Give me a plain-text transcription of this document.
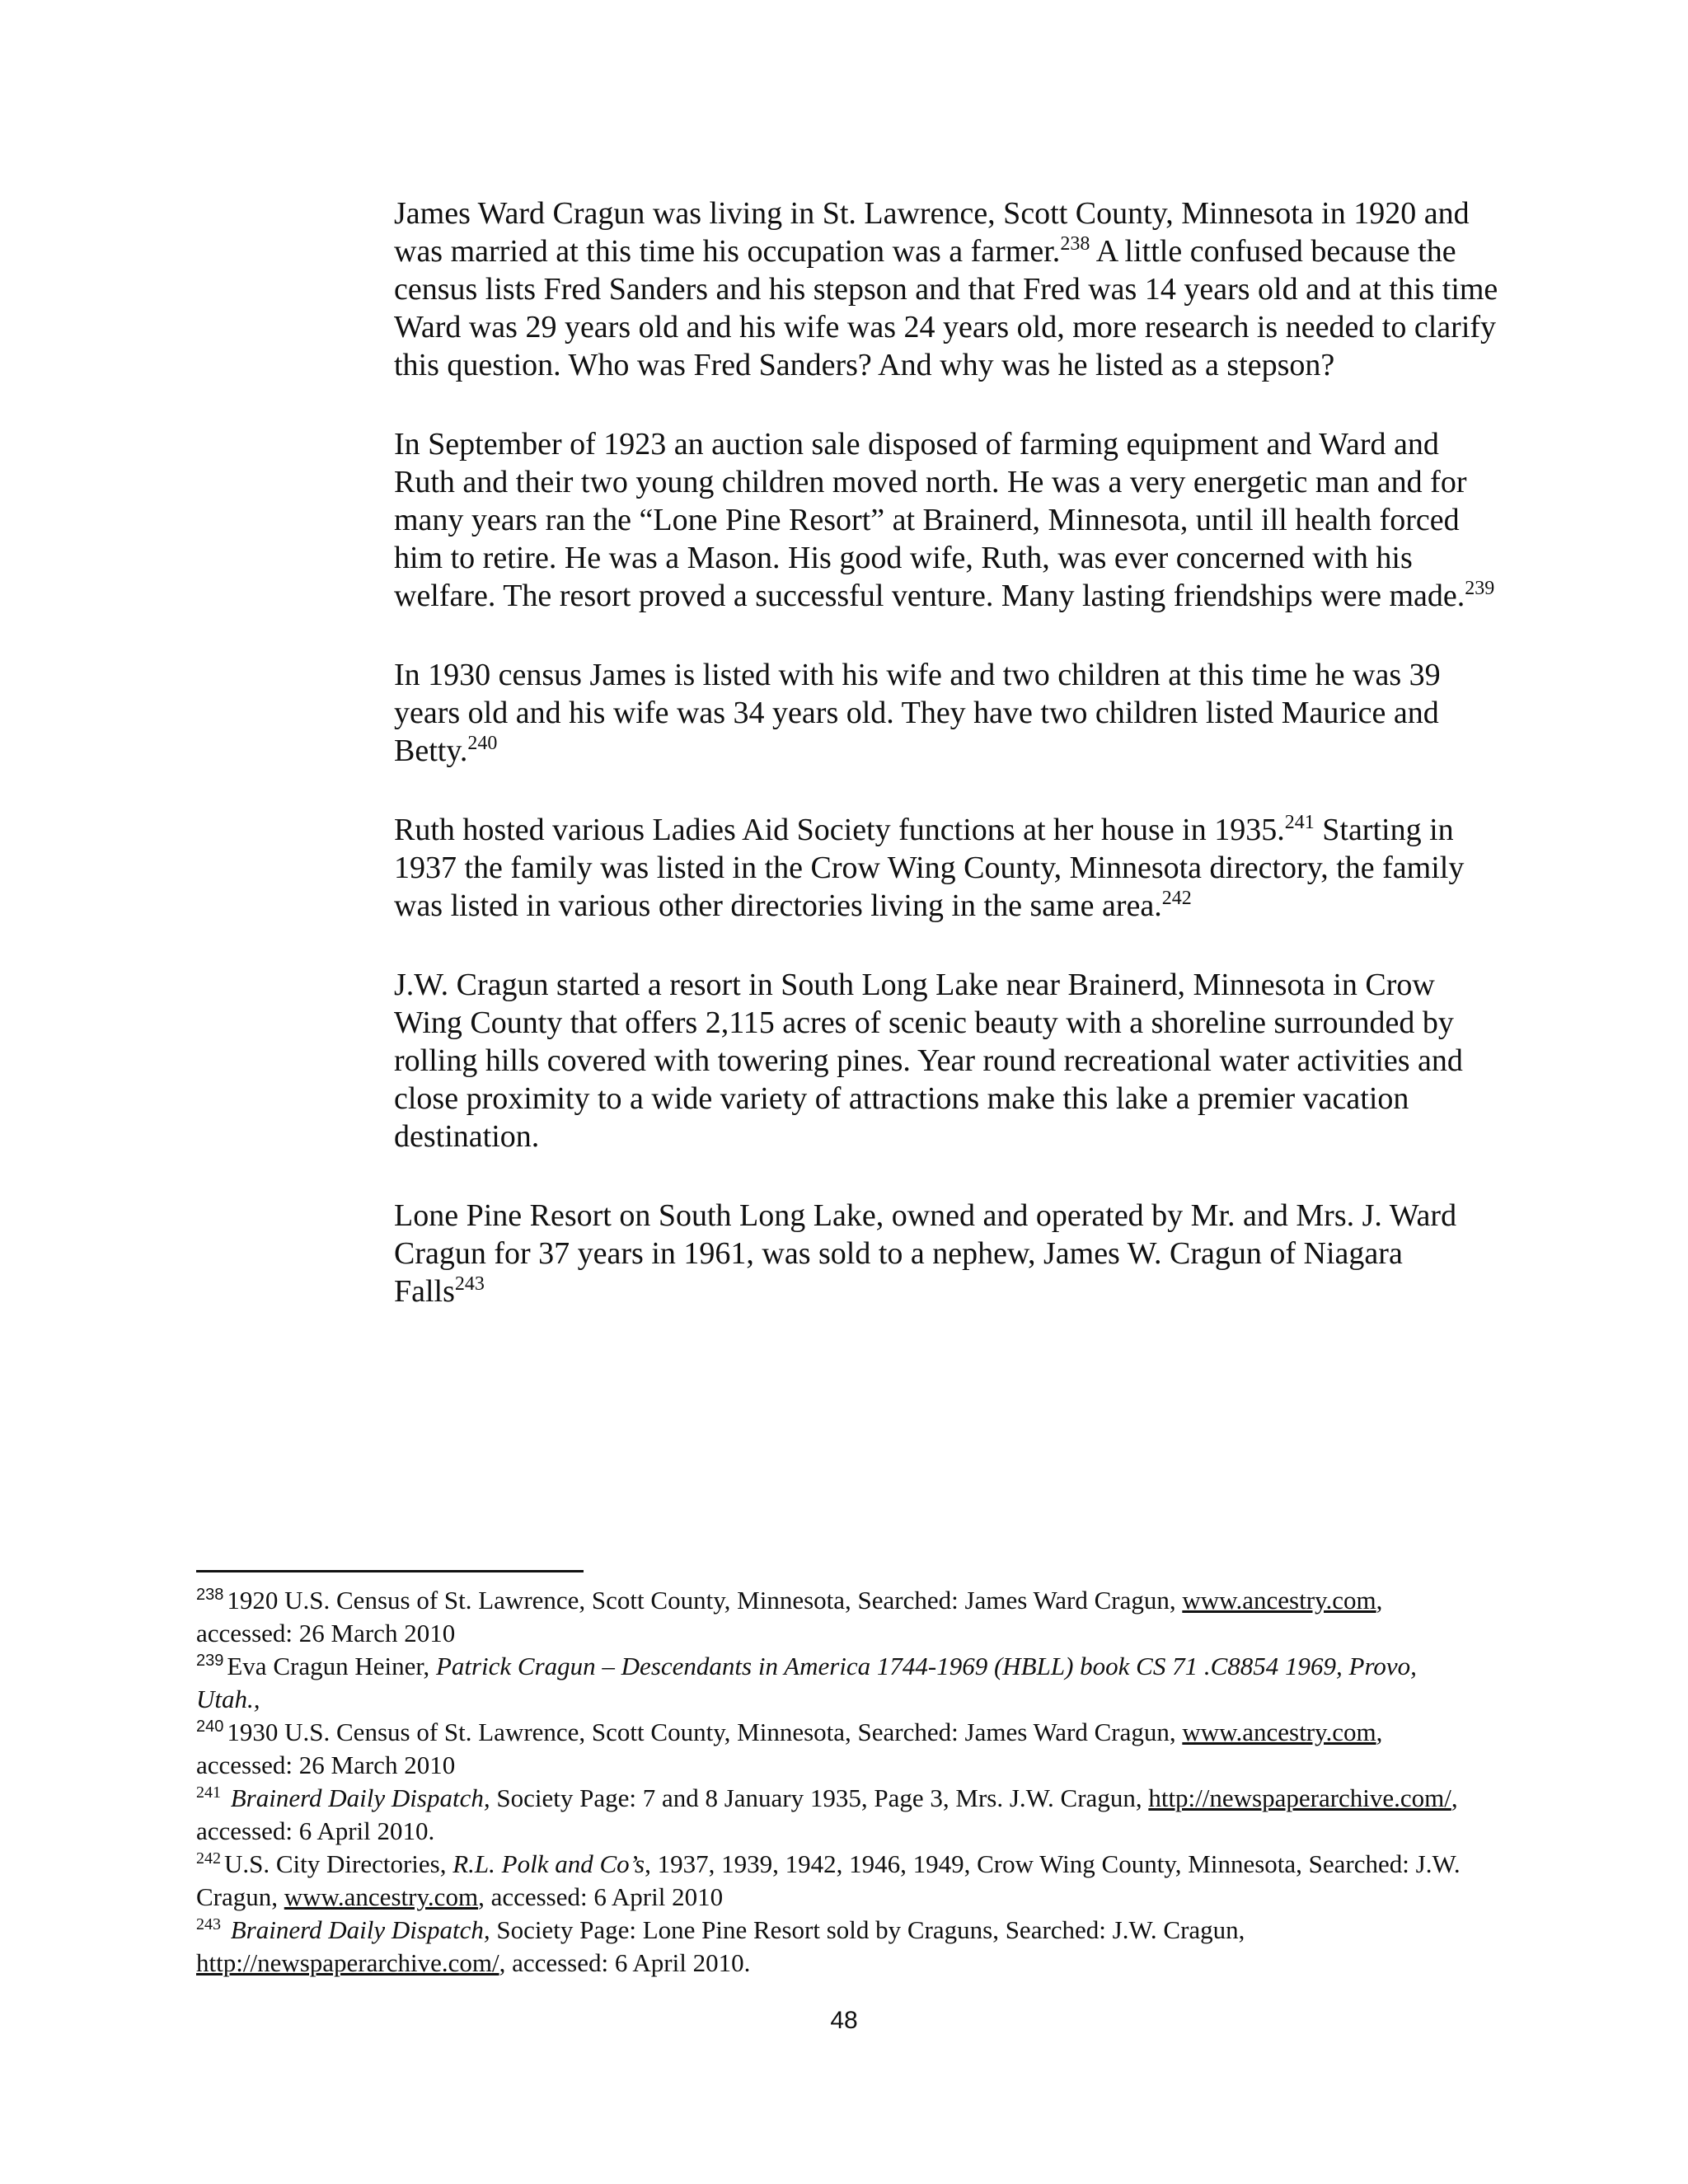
James Ward Cragun was living in St. Lawrence, Scott County, Minnesota in 1920 and was married at this time his occupation was a farmer.$^{238}$ A little confused because the census lists Fred Sanders and his stepson and that Fred was 14 years old and at this time Ward was 29 years old and his wife was 24 years old, more research is needed to clarify this question. Who was Fred Sanders? And why was he listed as a stepson?

In September of 1923 an auction sale disposed of farming equipment and Ward and Ruth and their two young children moved north. He was a very energetic man and for many years ran the “Lone Pine Resort” at Brainerd, Minnesota, until ill health forced him to retire. He was a Mason. His good wife, Ruth, was ever concerned with his welfare. The resort proved a successful venture. Many lasting friendships were made.$^{239}$

In 1930 census James is listed with his wife and two children at this time he was 39 years old and his wife was 34 years old. They have two children listed Maurice and Betty.$^{240}$

Ruth hosted various Ladies Aid Society functions at her house in 1935.$^{241}$ Starting in 1937 the family was listed in the Crow Wing County, Minnesota directory, the family was listed in various other directories living in the same area.$^{242}$

J.W. Cragun started a resort in South Long Lake near Brainerd, Minnesota in Crow Wing County that offers 2,115 acres of scenic beauty with a shoreline surrounded by rolling hills covered with towering pines. Year round recreational water activities and close proximity to a wide variety of attractions make this lake a premier vacation destination.

Lone Pine Resort on South Long Lake, owned and operated by Mr. and Mrs. J. Ward Cragun for 37 years in 1961, was sold to a nephew, James W. Cragun of Niagara Falls$^{243}$

$^{238}$ 1920 U.S. Census of St. Lawrence, Scott County, Minnesota, Searched: James Ward Cragun, www.ancestry.com, accessed: 26 March 2010

$^{239}$ Eva Cragun Heiner, Patrick Cragun – Descendants in America 1744-1969 (HBLL) book CS 71 .C8854 1969, Provo, Utah.,

$^{240}$ 1930 U.S. Census of St. Lawrence, Scott County, Minnesota, Searched: James Ward Cragun, www.ancestry.com, accessed: 26 March 2010

$^{241}$ Brainerd Daily Dispatch, Society Page: 7 and 8 January 1935, Page 3, Mrs. J.W. Cragun, http://newspaperarchive.com/, accessed: 6 April 2010.

$^{242}$ U.S. City Directories, R.L. Polk and Co’s, 1937, 1939, 1942, 1946, 1949, Crow Wing County, Minnesota, Searched: J.W. Cragun, www.ancestry.com, accessed: 6 April 2010

$^{243}$ Brainerd Daily Dispatch, Society Page: Lone Pine Resort sold by Craguns, Searched: J.W. Cragun, http://newspaperarchive.com/, accessed: 6 April 2010.

48
